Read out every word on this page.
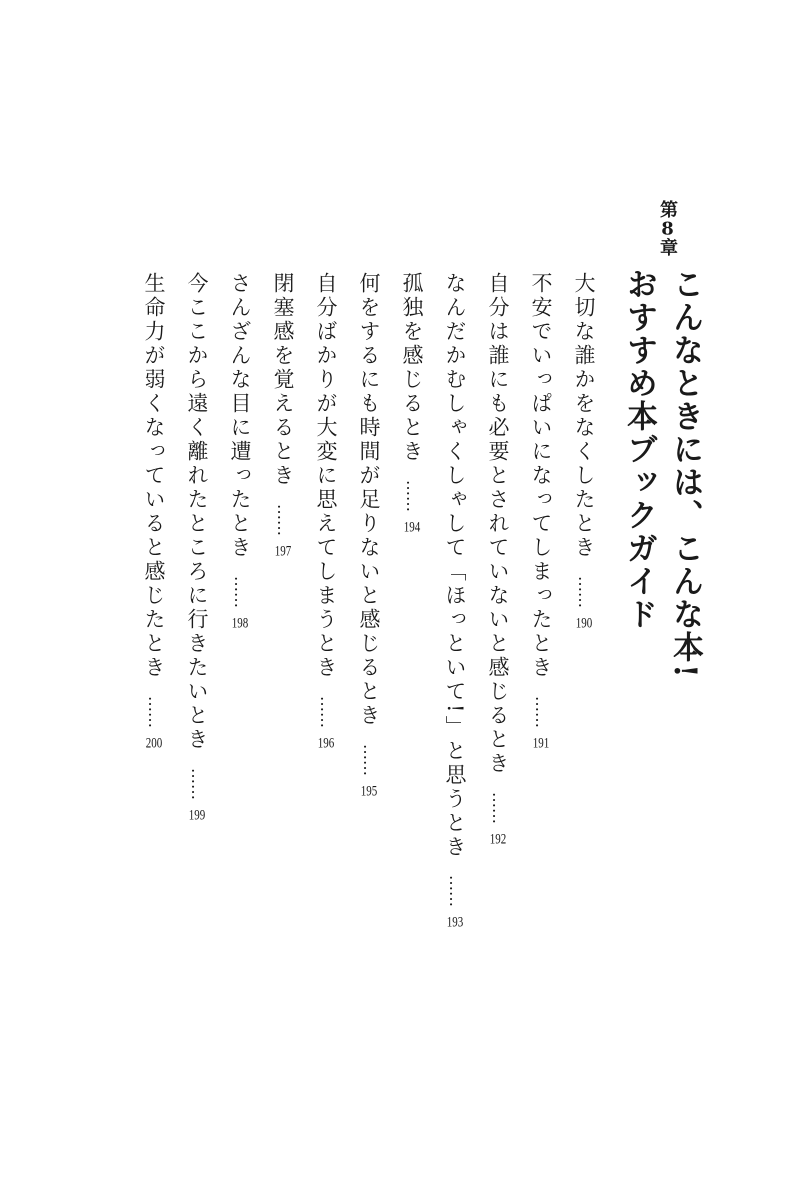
第8章
こんなときには、こんな本!
おすすめ本ブックガイド
大切な誰かをなくしたとき……190
不安でいっぱいになってしまったとき……191
自分は誰にも必要とされていないと感じるとき……192
なんだかむしゃくしゃして「ほっといて!」と思うとき……193
孤独を感じるとき……194
何をするにも時間が足りないと感じるとき……195
自分ばかりが大変に思えてしまうとき……196
閉塞感を覚えるとき……197
さんざんな目に遭ったとき……198
今ここから遠く離れたところに行きたいとき……199
生命力が弱くなっていると感じたとき……200
